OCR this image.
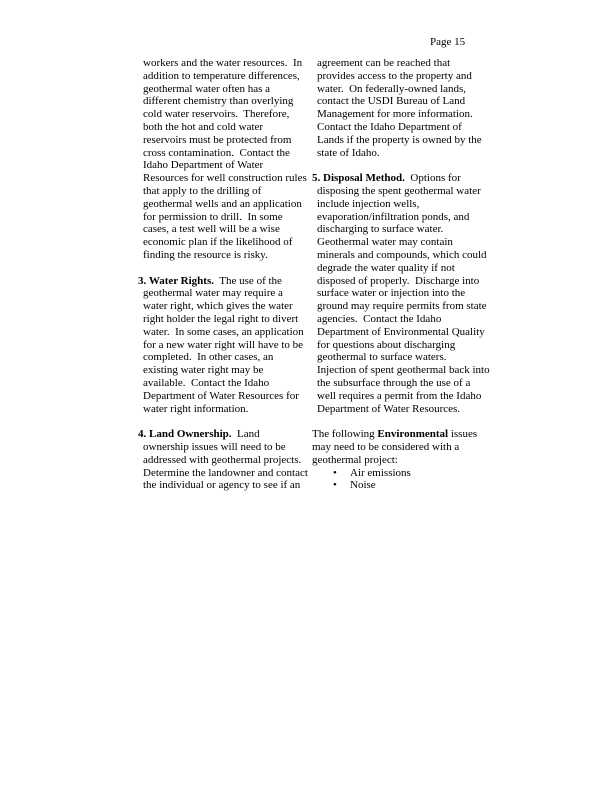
Page 15

workers and the water resources.  In addition to temperature differences, geothermal water often has a different chemistry than overlying cold water reservoirs.  Therefore, both the hot and cold water reservoirs must be protected from cross contamination.  Contact the Idaho Department of Water Resources for well construction rules that apply to the drilling of geothermal wells and an application for permission to drill.  In some cases, a test well will be a wise economic plan if the likelihood of finding the resource is risky.

3. Water Rights.  The use of the geothermal water may require a water right, which gives the water right holder the legal right to divert water.  In some cases, an application for a new water right will have to be completed.  In other cases, an existing water right may be available.  Contact the Idaho Department of Water Resources for water right information.

4. Land Ownership.  Land ownership issues will need to be addressed with geothermal projects.  Determine the landowner and contact the individual or agency to see if an

agreement can be reached that provides access to the property and water.  On federally-owned lands, contact the USDI Bureau of Land Management for more information.  Contact the Idaho Department of Lands if the property is owned by the state of Idaho.

5. Disposal Method.  Options for disposing the spent geothermal water include injection wells, evaporation/infiltration ponds, and discharging to surface water.  Geothermal water may contain minerals and compounds, which could degrade the water quality if not disposed of properly.  Discharge into surface water or injection into the ground may require permits from state agencies.  Contact the Idaho Department of Environmental Quality for questions about discharging geothermal to surface waters.  Injection of spent geothermal back into the subsurface through the use of a well requires a permit from the Idaho Department of Water Resources.

The following Environmental issues may need to be considered with a geothermal project:

• Air emissions
• Noise
